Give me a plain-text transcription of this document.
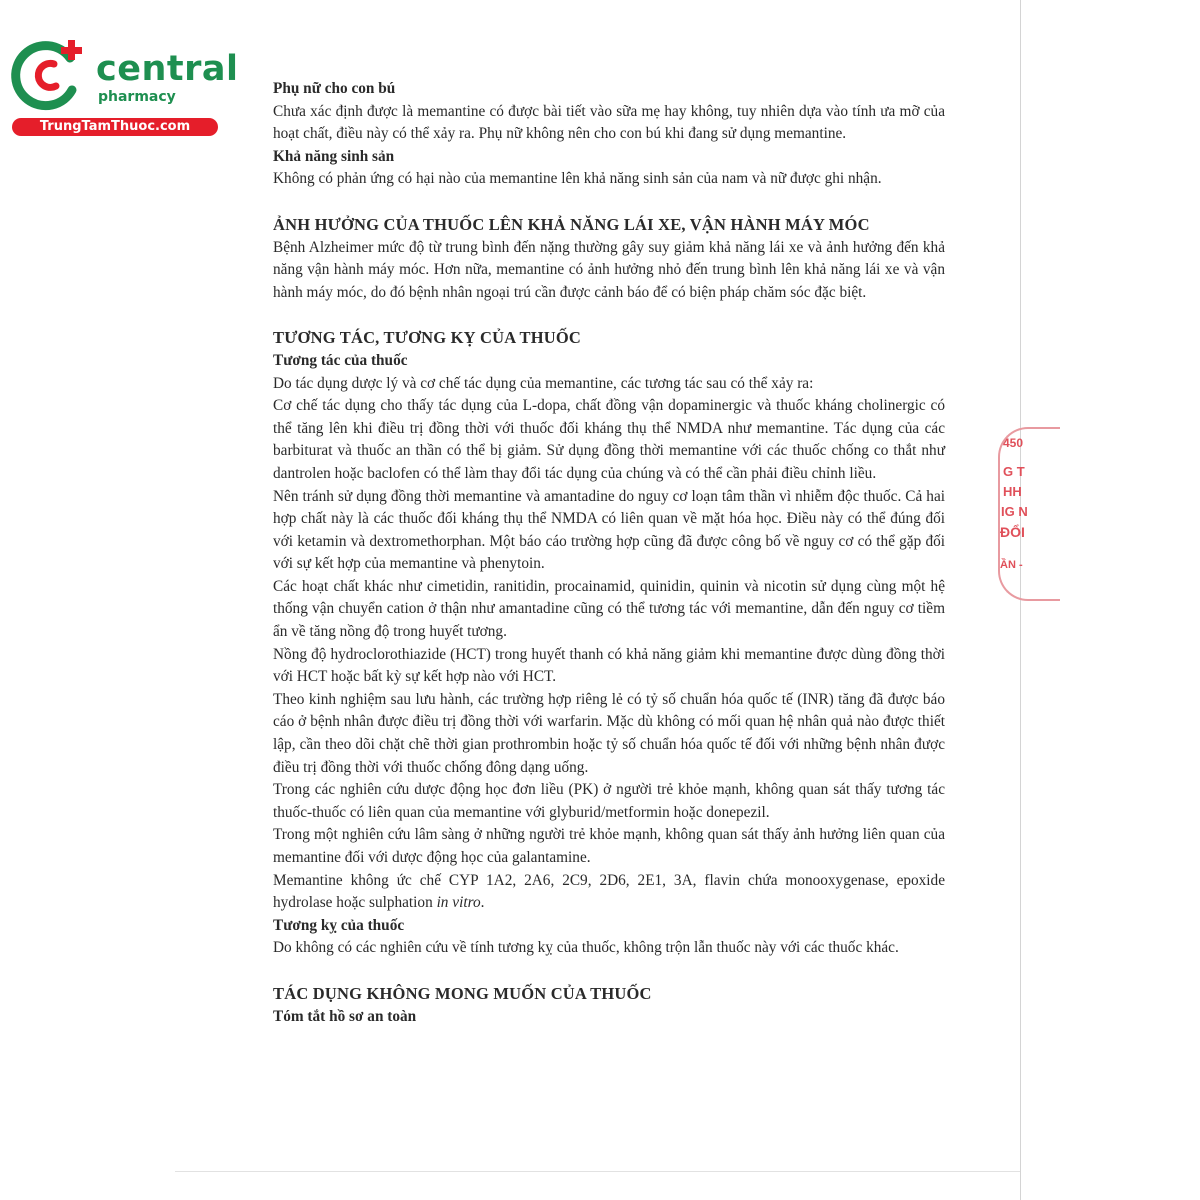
central
pharmacy
TrungTamThuoc.com
Phụ nữ cho con bú

Chưa xác định được là memantine có được bài tiết vào sữa mẹ hay không, tuy nhiên dựa vào tính ưa mỡ của hoạt chất, điều này có thể xảy ra. Phụ nữ không nên cho con bú khi đang sử dụng memantine.

Khả năng sinh sản

Không có phản ứng có hại nào của memantine lên khả năng sinh sản của nam và nữ được ghi nhận.

ẢNH HƯỞNG CỦA THUỐC LÊN KHẢ NĂNG LÁI XE, VẬN HÀNH MÁY MÓC

Bệnh Alzheimer mức độ từ trung bình đến nặng thường gây suy giảm khả năng lái xe và ảnh hưởng đến khả năng vận hành máy móc. Hơn nữa, memantine có ảnh hưởng nhỏ đến trung bình lên khả năng lái xe và vận hành máy móc, do đó bệnh nhân ngoại trú cần được cảnh báo để có biện pháp chăm sóc đặc biệt.

TƯƠNG TÁC, TƯƠNG KỴ CỦA THUỐC
Tương tác của thuốc

Do tác dụng dược lý và cơ chế tác dụng của memantine, các tương tác sau có thể xảy ra:

Cơ chế tác dụng cho thấy tác dụng của L-dopa, chất đồng vận dopaminergic và thuốc kháng cholinergic có thể tăng lên khi điều trị đồng thời với thuốc đối kháng thụ thể NMDA như memantine. Tác dụng của các barbiturat và thuốc an thần có thể bị giảm. Sử dụng đồng thời memantine với các thuốc chống co thắt như dantrolen hoặc baclofen có thể làm thay đổi tác dụng của chúng và có thể cần phải điều chỉnh liều.

Nên tránh sử dụng đồng thời memantine và amantadine do nguy cơ loạn tâm thần vì nhiễm độc thuốc. Cả hai hợp chất này là các thuốc đối kháng thụ thể NMDA có liên quan về mặt hóa học. Điều này có thể đúng đối với ketamin và dextromethorphan. Một báo cáo trường hợp cũng đã được công bố về nguy cơ có thể gặp đối với sự kết hợp của memantine và phenytoin.

Các hoạt chất khác như cimetidin, ranitidin, procainamid, quinidin, quinin và nicotin sử dụng cùng một hệ thống vận chuyển cation ở thận như amantadine cũng có thể tương tác với memantine, dẫn đến nguy cơ tiềm ẩn về tăng nồng độ trong huyết tương.

Nồng độ hydroclorothiazide (HCT) trong huyết thanh có khả năng giảm khi memantine được dùng đồng thời với HCT hoặc bất kỳ sự kết hợp nào với HCT.

Theo kinh nghiệm sau lưu hành, các trường hợp riêng lẻ có tỷ số chuẩn hóa quốc tế (INR) tăng đã được báo cáo ở bệnh nhân được điều trị đồng thời với warfarin. Mặc dù không có mối quan hệ nhân quả nào được thiết lập, cần theo dõi chặt chẽ thời gian prothrombin hoặc tỷ số chuẩn hóa quốc tế đối với những bệnh nhân được điều trị đồng thời với thuốc chống đông dạng uống.

Trong các nghiên cứu dược động học đơn liều (PK) ở người trẻ khỏe mạnh, không quan sát thấy tương tác thuốc-thuốc có liên quan của memantine với glyburid/metformin hoặc donepezil.

Trong một nghiên cứu lâm sàng ở những người trẻ khỏe mạnh, không quan sát thấy ảnh hưởng liên quan của memantine đối với dược động học của galantamine.

Memantine không ức chế CYP 1A2, 2A6, 2C9, 2D6, 2E1, 3A, flavin chứa monooxygenase, epoxide hydrolase hoặc sulphation in vitro.

Tương kỵ của thuốc

Do không có các nghiên cứu về tính tương kỵ của thuốc, không trộn lẫn thuốc này với các thuốc khác.

TÁC DỤNG KHÔNG MONG MUỐN CỦA THUỐC
Tóm tắt hồ sơ an toàn
450
G T
HH
IG N
ĐỔI
ẦN -
